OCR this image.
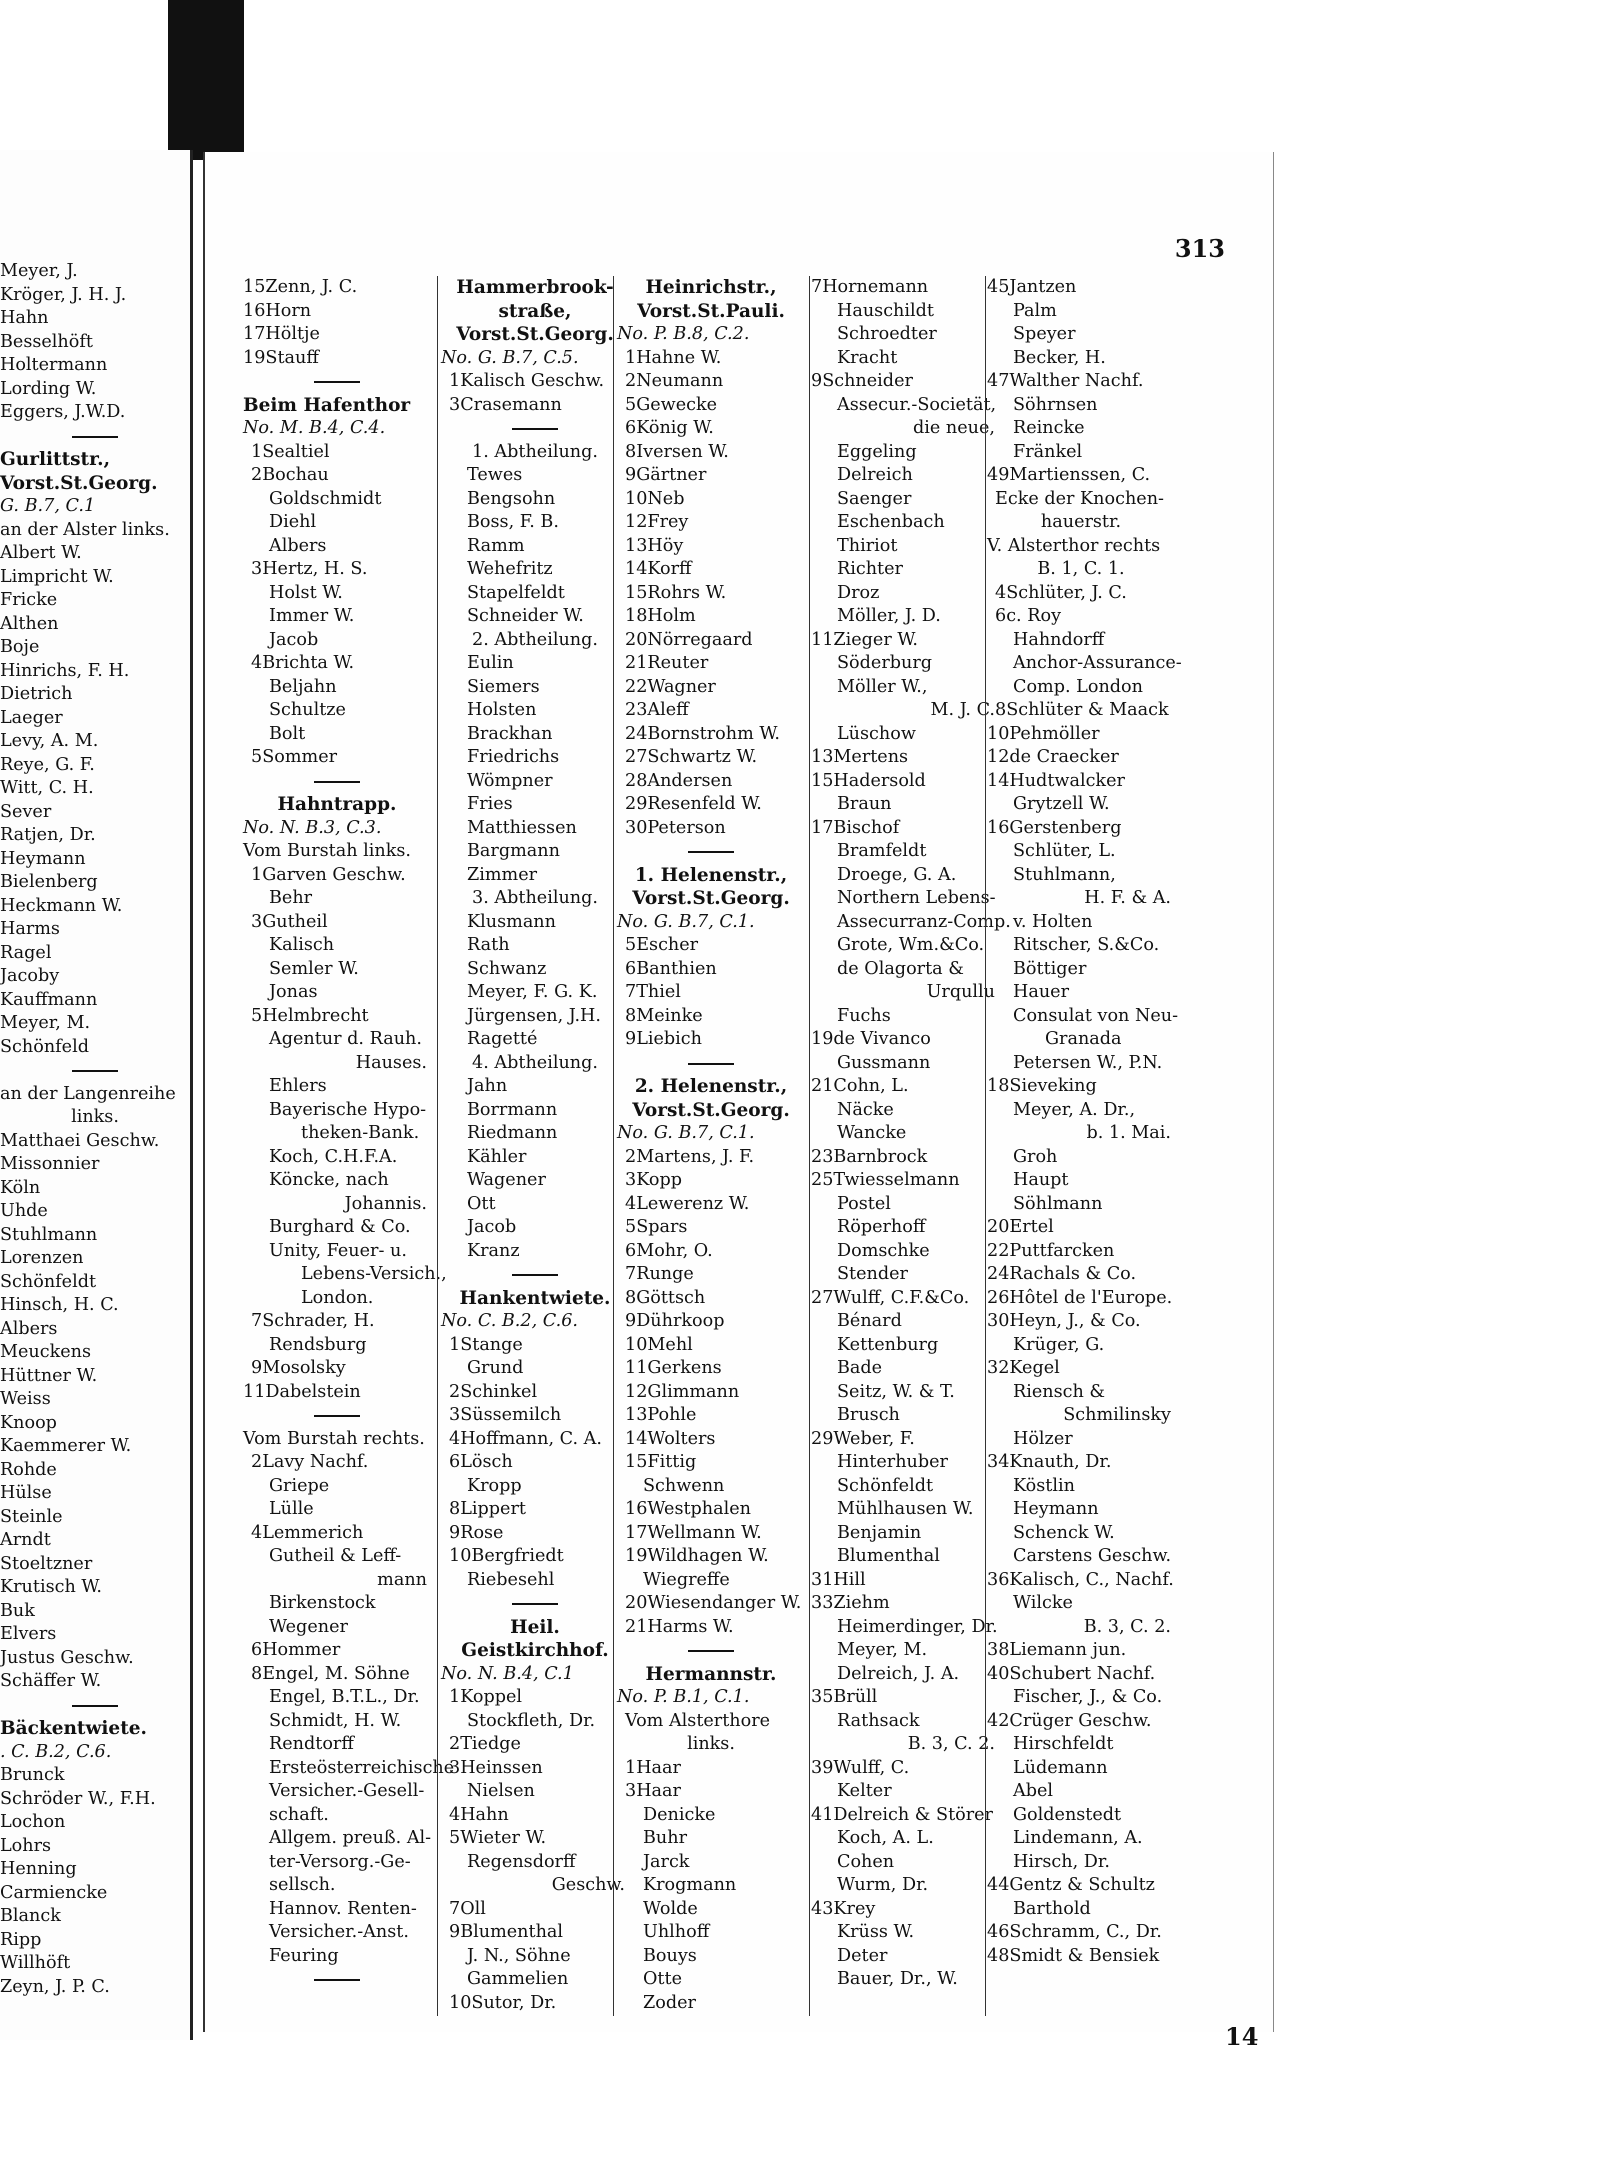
Meyer, J.
Kröger, J. H. J.
Hahn
Besselhöft
Holtermann
Lording W.
Eggers, J.W.D.
Gurlittstr.,
Vorst.St.Georg.
G. B.7, C.1
an der Alster links.
Albert W.
Limpricht W.
Fricke
Althen
Boje
Hinrichs, F. H.
Dietrich
Laeger
Levy, A. M.
Reye, G. F.
Witt, C. H.
Sever
Ratjen, Dr.
Heymann
Bielenberg
Heckmann W.
Harms
Ragel
Jacoby
Kauffmann
Meyer, M.
Schönfeld
an der Langenreihe
links.
Matthaei Geschw.
Missonnier
Köln
Uhde
Stuhlmann
Lorenzen
Schönfeldt
Hinsch, H. C.
Albers
Meuckens
Hüttner W.
Weiss
Knoop
Kaemmerer W.
Rohde
Hülse
Steinle
Arndt
Stoeltzner
Krutisch W.
Buk
Elvers
Justus Geschw.
Schäffer W.
Bäckentwiete.
. C. B.2, C.6.
Brunck
Schröder W., F.H.
Lochon
Lohrs
Henning
Carmiencke
Blanck
Ripp
Willhöft
Zeyn, J. P. C.
313
15Zenn, J. C.
16Horn
17Höltje
19Stauff
Beim Hafenthor
No. M. B.4, C.4.
1Sealtiel
2Bochau
Goldschmidt
Diehl
Albers
3Hertz, H. S.
Holst W.
Immer W.
Jacob
4Brichta W.
Beljahn
Schultze
Bolt
5Sommer
Hahntrapp.
No. N. B.3, C.3.
Vom Burstah links.
1Garven Geschw.
Behr
3Gutheil
Kalisch
Semler W.
Jonas
5Helmbrecht
Agentur d. Rauh.
Hauses.
Ehlers
Bayerische Hypo-
theken-Bank.
Koch, C.H.F.A.
Köncke, nach
Johannis.
Burghard & Co.
Unity, Feuer- u.
Lebens-Versich.,
London.
7Schrader, H.
Rendsburg
9Mosolsky
11Dabelstein
Vom Burstah rechts.
2Lavy Nachf.
Griepe
Lülle
4Lemmerich
Gutheil & Leff-
mann
Birkenstock
Wegener
6Hommer
8Engel, M. Söhne
Engel, B.T.L., Dr.
Schmidt, H. W.
Rendtorff
Ersteösterreichische
Versicher.-Gesell-
schaft.
Allgem. preuß. Al-
ter-Versorg.-Ge-
sellsch.
Hannov. Renten-
Versicher.-Anst.
Feuring
Hammerbrook-
straße,
Vorst.St.Georg.
No. G. B.7, C.5.
1Kalisch Geschw.
3Crasemann
1. Abtheilung.
Tewes
Bengsohn
Boss, F. B.
Ramm
Wehefritz
Stapelfeldt
Schneider W.
2. Abtheilung.
Eulin
Siemers
Holsten
Brackhan
Friedrichs
Wömpner
Fries
Matthiessen
Bargmann
Zimmer
3. Abtheilung.
Klusmann
Rath
Schwanz
Meyer, F. G. K.
Jürgensen, J.H.
Ragetté
4. Abtheilung.
Jahn
Borrmann
Riedmann
Kähler
Wagener
Ott
Jacob
Kranz
Hankentwiete.
No. C. B.2, C.6.
1Stange
Grund
2Schinkel
3Süssemilch
4Hoffmann, C. A.
6Lösch
Kropp
8Lippert
9Rose
10Bergfriedt
Riebesehl
Heil.
Geistkirchhof.
No. N. B.4, C.1
1Koppel
Stockfleth, Dr.
2Tiedge
3Heinssen
Nielsen
4Hahn
5Wieter W.
Regensdorff
Geschw.
7Oll
9Blumenthal
J. N., Söhne
Gammelien
10Sutor, Dr.
Heinrichstr.,
Vorst.St.Pauli.
No. P. B.8, C.2.
1Hahne W.
2Neumann
5Gewecke
6König W.
8Iversen W.
9Gärtner
10Neb
12Frey
13Höy
14Korff
15Rohrs W.
18Holm
20Nörregaard
21Reuter
22Wagner
23Aleff
24Bornstrohm W.
27Schwartz W.
28Andersen
29Resenfeld W.
30Peterson
1. Helenenstr.,
Vorst.St.Georg.
No. G. B.7, C.1.
5Escher
6Banthien
7Thiel
8Meinke
9Liebich
2. Helenenstr.,
Vorst.St.Georg.
No. G. B.7, C.1.
2Martens, J. F.
3Kopp
4Lewerenz W.
5Spars
6Mohr, O.
7Runge
8Göttsch
9Dührkoop
10Mehl
11Gerkens
12Glimmann
13Pohle
14Wolters
15Fittig
Schwenn
16Westphalen
17Wellmann W.
19Wildhagen W.
Wiegreffe
20Wiesendanger W.
21Harms W.
Hermannstr.
No. P. B.1, C.1.
Vom Alsterthore
links.
1Haar
3Haar
Denicke
Buhr
Jarck
Krogmann
Wolde
Uhlhoff
Bouys
Otte
Zoder
7Hornemann
Hauschildt
Schroedter
Kracht
9Schneider
Assecur.-Societät,
die neue,
Eggeling
Delreich
Saenger
Eschenbach
Thiriot
Richter
Droz
Möller, J. D.
11Zieger W.
Söderburg
Möller W.,
M. J. C.
Lüschow
13Mertens
15Hadersold
Braun
17Bischof
Bramfeldt
Droege, G. A.
Northern Lebens-
Assecurranz-Comp.
Grote, Wm.&Co.
de Olagorta &
Urqullu
Fuchs
19de Vivanco
Gussmann
21Cohn, L.
Näcke
Wancke
23Barnbrock
25Twiesselmann
Postel
Röperhoff
Domschke
Stender
27Wulff, C.F.&Co.
Bénard
Kettenburg
Bade
Seitz, W. & T.
Brusch
29Weber, F.
Hinterhuber
Schönfeldt
Mühlhausen W.
Benjamin
Blumenthal
31Hill
33Ziehm
Heimerdinger, Dr.
Meyer, M.
Delreich, J. A.
35Brüll
Rathsack
B. 3, C. 2.
39Wulff, C.
Kelter
41Delreich & Störer
Koch, A. L.
Cohen
Wurm, Dr.
43Krey
Krüss W.
Deter
Bauer, Dr., W.
45Jantzen
Palm
Speyer
Becker, H.
47Walther Nachf.
Söhrnsen
Reincke
Fränkel
49Martienssen, C.
Ecke der Knochen-
hauerstr.
V. Alsterthor rechts
B. 1, C. 1.
4Schlüter, J. C.
6c. Roy
Hahndorff
Anchor-Assurance-
Comp. London
8Schlüter & Maack
10Pehmöller
12de Craecker
14Hudtwalcker
Grytzell W.
16Gerstenberg
Schlüter, L.
Stuhlmann,
H. F. & A.
v. Holten
Ritscher, S.&Co.
Böttiger
Hauer
Consulat von Neu-
Granada
Petersen W., P.N.
18Sieveking
Meyer, A. Dr.,
b. 1. Mai.
Groh
Haupt
Söhlmann
20Ertel
22Puttfarcken
24Rachals & Co.
26Hôtel de l'Europe.
30Heyn, J., & Co.
Krüger, G.
32Kegel
Riensch &
Schmilinsky
Hölzer
34Knauth, Dr.
Köstlin
Heymann
Schenck W.
Carstens Geschw.
36Kalisch, C., Nachf.
Wilcke
B. 3, C. 2.
38Liemann jun.
40Schubert Nachf.
Fischer, J., & Co.
42Crüger Geschw.
Hirschfeldt
Lüdemann
Abel
Goldenstedt
Lindemann, A.
Hirsch, Dr.
44Gentz & Schultz
Barthold
46Schramm, C., Dr.
48Smidt & Bensiek
14
